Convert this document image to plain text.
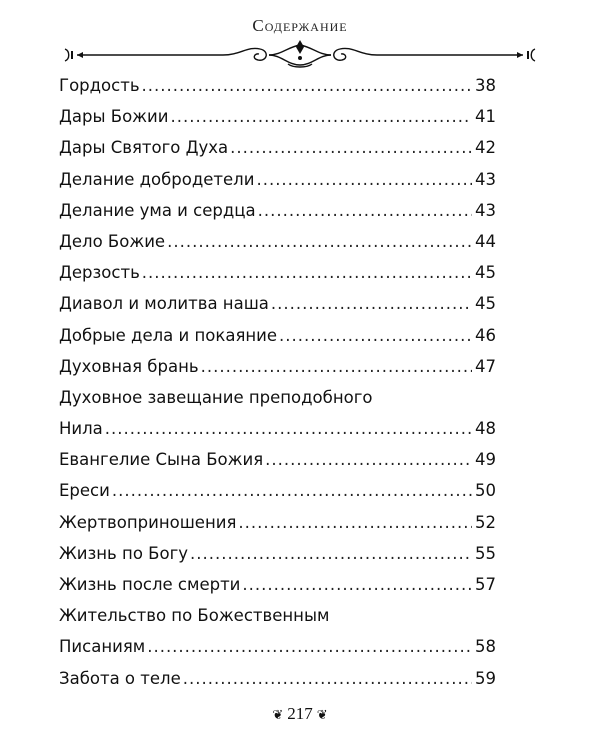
Содержание
Гордость .....	38
Дары Божии .....	41
Дары Святого Духа .....	42
Делание добродетели .....	43
Делание ума и сердца .....	43
Дело Божие .....	44
Дерзость .....	45
Диавол и молитва наша .....	45
Добрые дела и покаяние .....	46
Духовная брань .....	47
Духовное завещание преподобного
Нила .....	48
Евангелие Сына Божия .....	49
Ереси .....	50
Жертвоприношения .....	52
Жизнь по Богу .....	55
Жизнь после смерти .....	57
Жительство по Божественным
Писаниям .....	58
Забота о теле .....	59
❦ 217 ❦
